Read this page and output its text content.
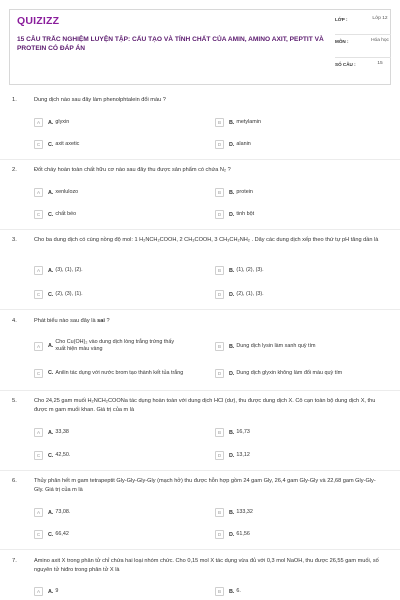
QUIZIZZ
15 CÂU TRẮC NGHIỆM LUYỆN TẬP: CẤU TẠO VÀ TÍNH CHẤT CỦA AMIN, AMINO AXIT, PEPTIT VÀ PROTEIN CÓ ĐÁP ÁN
LỚP :	Lớp 12
MÔN :	Hóa học
SỐ CÂU :	15
1.	Dung dịch nào sau đây làm phenolphtalein đổi màu ?
A	A. glyxin	B	B. metylamin
C	C. axit axetic	D	D. alanin
2.	Đốt cháy hoàn toàn chất hữu cơ nào sau đây thu được sản phẩm có chứa N₂ ?
A	A. xenlulozo	B	B. protein
C	C. chất béo	D	D. tinh bột
3.	Cho ba dung dịch có cùng nồng độ mol: 1 H₂NCH₂COOH, 2 CH₃COOH, 3 CH₃CH₂NH₂ . Dãy các dung dịch xếp theo thứ tự pH tăng dần là
A	A. (3), (1), (2).	B	B. (1), (2), (3).
C	C. (2), (3), (1).	D	D. (2), (1), (3).
4.	Phát biểu nào sau đây là sai ?
A	A.
Cho Cu(OH)₂ vào dung dịch lòng trắng trứng thấy xuất hiện màu vàng	B	B. Dung dịch lysin làm xanh quỳ tím
C	C. Anilin tác dụng với nước brom tạo thành kết tủa trắng	D	D. Dung dịch glyxin không làm đổi màu quỳ tím
5.	Cho 24,25 gam muối H₂NCH₂COONa tác dụng hoàn toàn với dung dịch HCl (dư), thu được dung dịch X. Cô cạn toàn bộ dung dịch X, thu được m gam muối khan. Giá trị của m là
A	A. 33,38	B	B. 16,73
C	C. 42,50.	D	D. 13,12
6.	Thủy phân hết m gam tetrapeptit Gly-Gly-Gly-Gly (mạch hở) thu được hỗn hợp gồm 24 gam Gly, 26,4 gam Gly-Gly và 22,68 gam Gly-Gly-Gly. Giá trị của m là
A	A. 73,08.	B	B. 133,32
C	C. 66,42	D	D. 61,56
7.	Amino axit X trong phân tử chỉ chứa hai loại nhóm chức. Cho 0,15 mol X tác dụng vừa đủ với 0,3 mol NaOH, thu được 26,55 gam muối, số nguyên tử hiđro trong phân tử X là
A	A. 9	B	B. 6.
